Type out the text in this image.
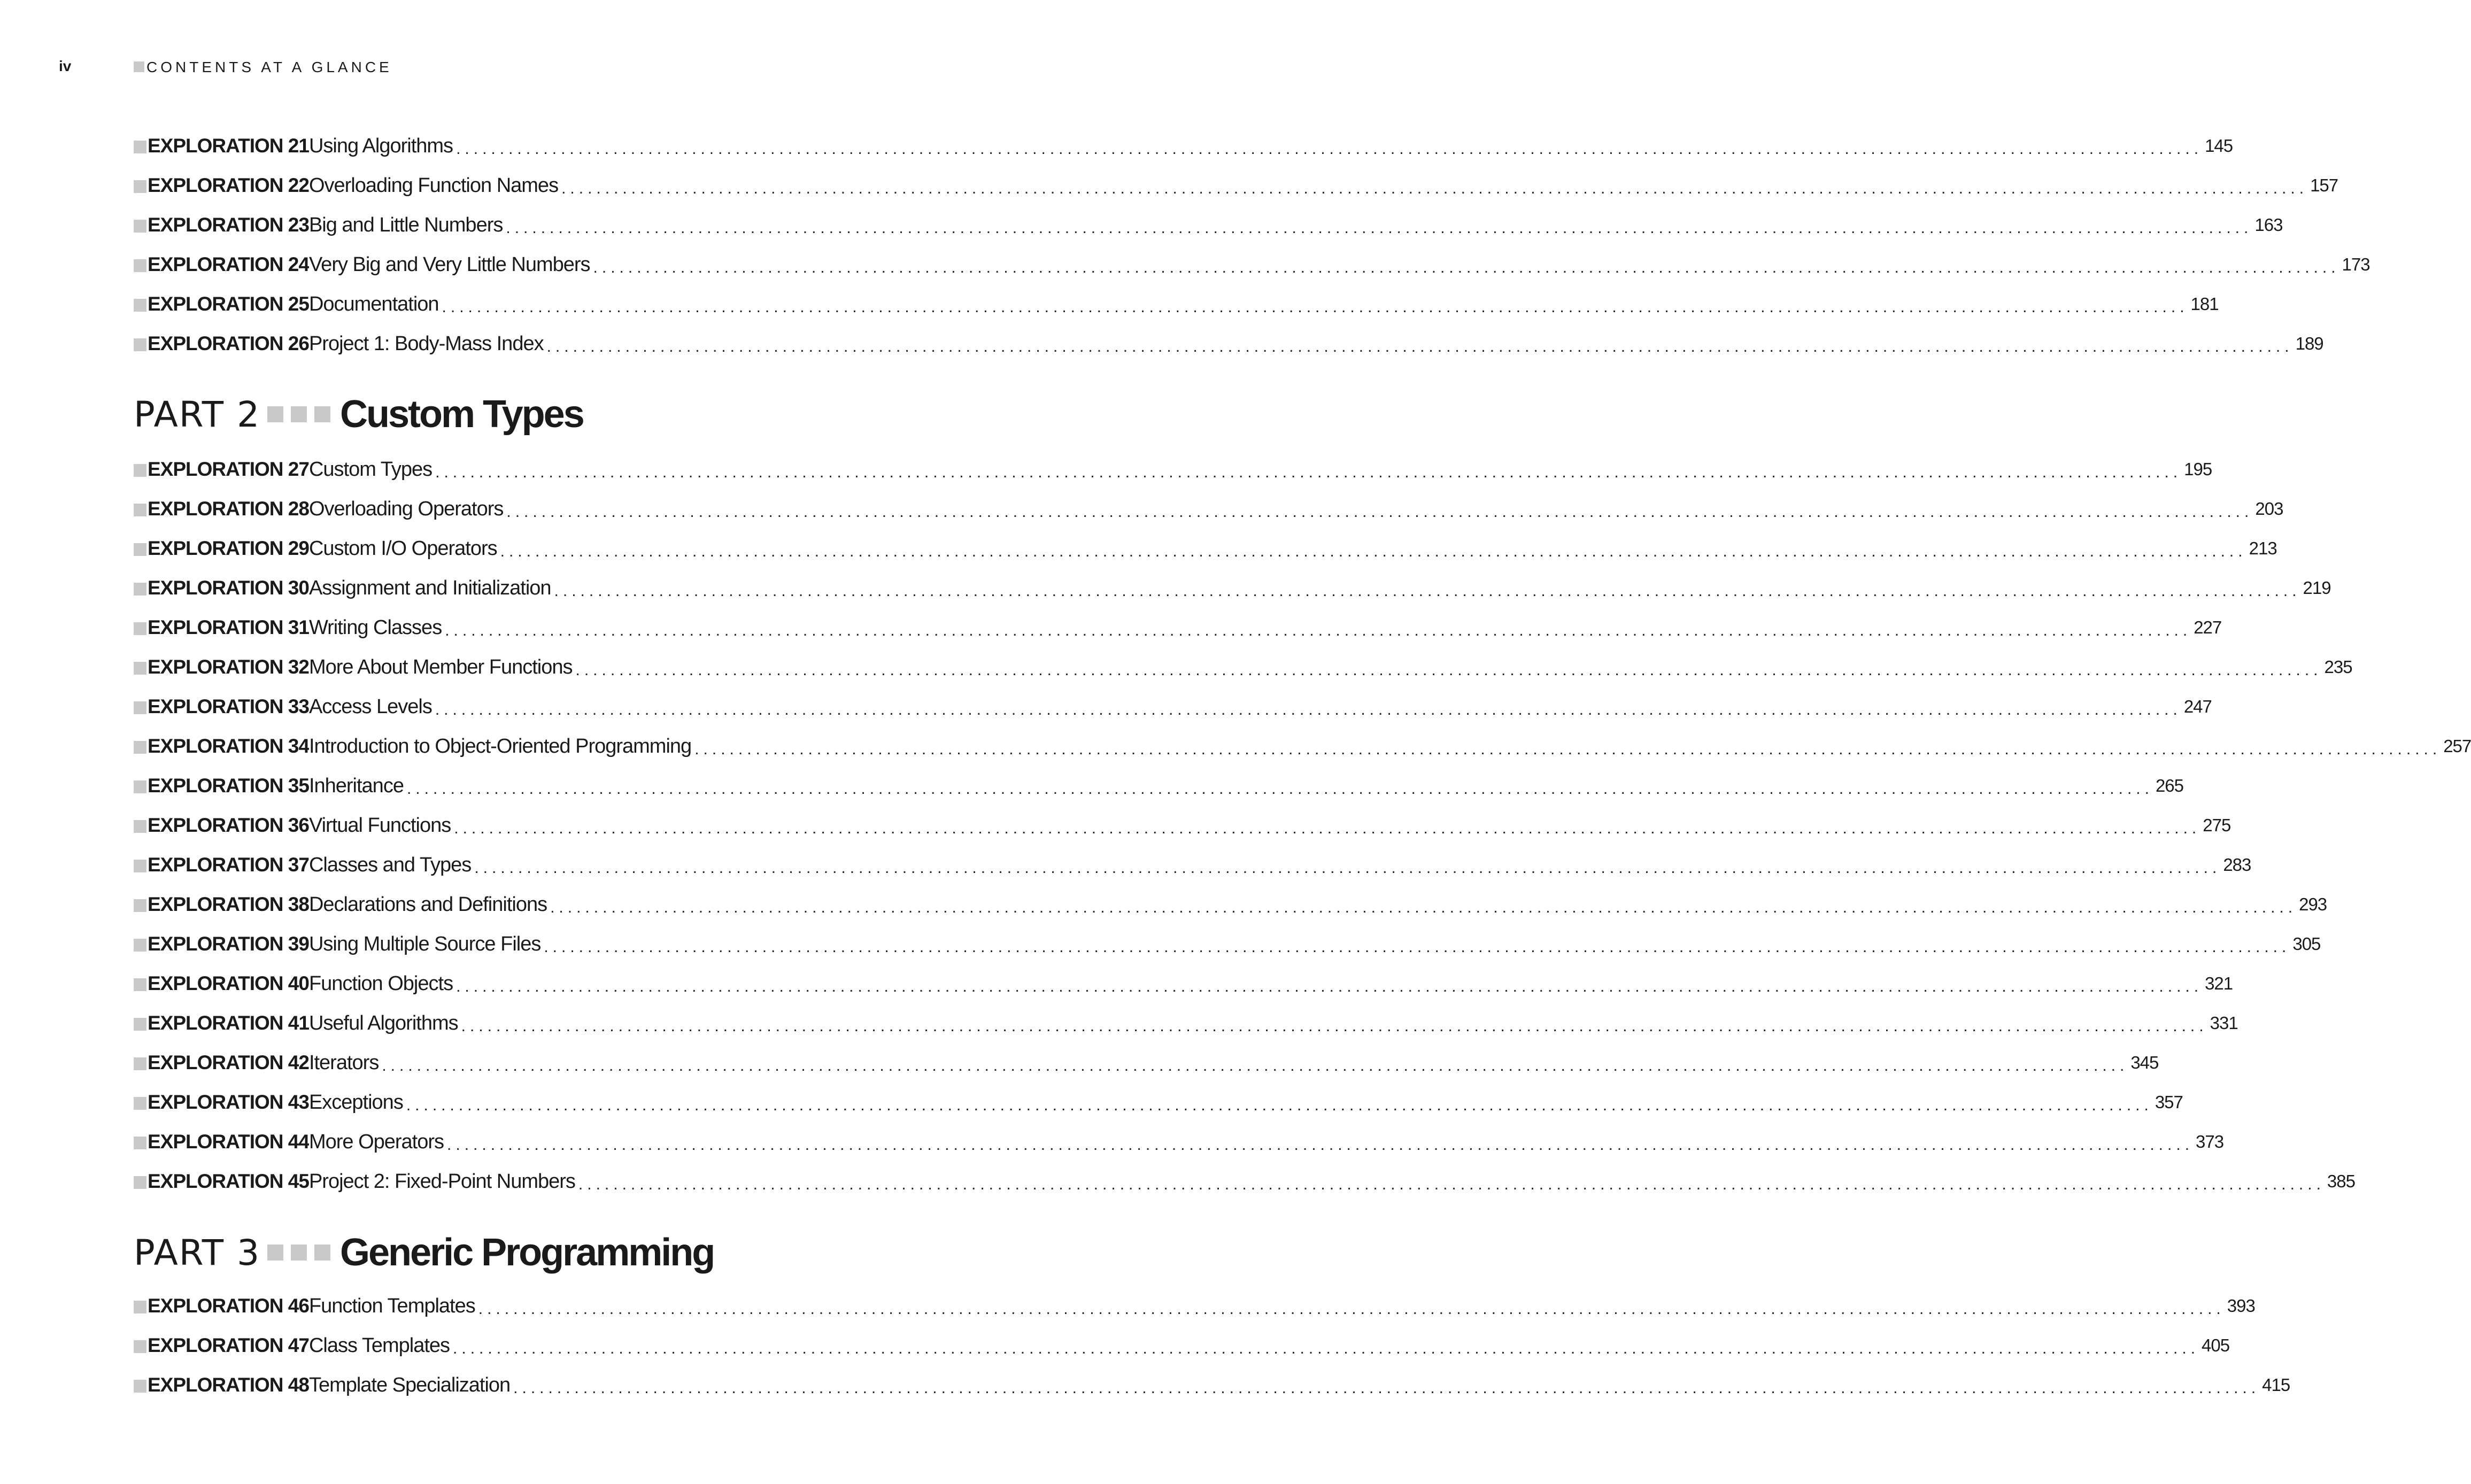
iv	CONTENTS AT A GLANCE
EXPLORATION 21 Using Algorithms ........................................................................................................................................................................................................ 145
EXPLORATION 22 Overloading Function Names ........................................................................................................................................................................................................ 157
EXPLORATION 23 Big and Little Numbers ........................................................................................................................................................................................................ 163
EXPLORATION 24 Very Big and Very Little Numbers ........................................................................................................................................................................................................ 173
EXPLORATION 25 Documentation ........................................................................................................................................................................................................ 181
EXPLORATION 26 Project 1: Body-Mass Index ........................................................................................................................................................................................................ 189
PART 2 Custom Types
EXPLORATION 27 Custom Types ........................................................................................................................................................................................................ 195
EXPLORATION 28 Overloading Operators ........................................................................................................................................................................................................ 203
EXPLORATION 29 Custom I/O Operators ........................................................................................................................................................................................................ 213
EXPLORATION 30 Assignment and Initialization ........................................................................................................................................................................................................ 219
EXPLORATION 31 Writing Classes ........................................................................................................................................................................................................ 227
EXPLORATION 32 More About Member Functions ........................................................................................................................................................................................................ 235
EXPLORATION 33 Access Levels ........................................................................................................................................................................................................ 247
EXPLORATION 34 Introduction to Object-Oriented Programming ........................................................................................................................................................................................................ 257
EXPLORATION 35 Inheritance ........................................................................................................................................................................................................ 265
EXPLORATION 36 Virtual Functions ........................................................................................................................................................................................................ 275
EXPLORATION 37 Classes and Types ........................................................................................................................................................................................................ 283
EXPLORATION 38 Declarations and Definitions ........................................................................................................................................................................................................ 293
EXPLORATION 39 Using Multiple Source Files ........................................................................................................................................................................................................ 305
EXPLORATION 40 Function Objects ........................................................................................................................................................................................................ 321
EXPLORATION 41 Useful Algorithms ........................................................................................................................................................................................................ 331
EXPLORATION 42 Iterators ........................................................................................................................................................................................................ 345
EXPLORATION 43 Exceptions ........................................................................................................................................................................................................ 357
EXPLORATION 44 More Operators ........................................................................................................................................................................................................ 373
EXPLORATION 45 Project 2: Fixed-Point Numbers ........................................................................................................................................................................................................ 385
PART 3 Generic Programming
EXPLORATION 46 Function Templates ........................................................................................................................................................................................................ 393
EXPLORATION 47 Class Templates ........................................................................................................................................................................................................ 405
EXPLORATION 48 Template Specialization ........................................................................................................................................................................................................ 415
